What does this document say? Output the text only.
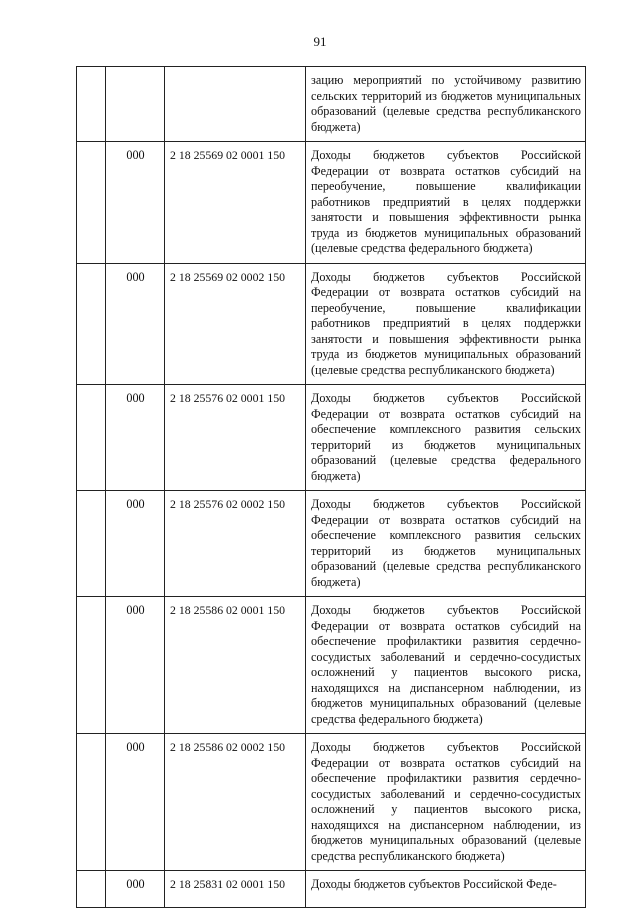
91
			зацию мероприятий по устойчивому развитию сельских территорий из бюджетов муниципальных образований (целевые средства республиканского бюджета)
	000	2 18 25569 02 0001 150	Доходы бюджетов субъектов Российской Федерации от возврата остатков субсидий на переобучение, повышение квалификации работников предприятий в целях поддержки занятости и повышения эффективности рынка труда из бюджетов муниципальных образований (целевые средства федерального бюджета)
	000	2 18 25569 02 0002 150	Доходы бюджетов субъектов Российской Федерации от возврата остатков субсидий на переобучение, повышение квалификации работников предприятий в целях поддержки занятости и повышения эффективности рынка труда из бюджетов муниципальных образований (целевые средства республиканского бюджета)
	000	2 18 25576 02 0001 150	Доходы бюджетов субъектов Российской Федерации от возврата остатков субсидий на обеспечение комплексного развития сельских территорий из бюджетов муниципальных образований (целевые средства федерального бюджета)
	000	2 18 25576 02 0002 150	Доходы бюджетов субъектов Российской Федерации от возврата остатков субсидий на обеспечение комплексного развития сельских территорий из бюджетов муниципальных образований (целевые средства республиканского бюджета)
	000	2 18 25586 02 0001 150	Доходы бюджетов субъектов Российской Федерации от возврата остатков субсидий на обеспечение профилактики развития сердечно-сосудистых заболеваний и сердечно-сосудистых осложнений у пациентов высокого риска, находящихся на диспансерном наблюдении, из бюджетов муниципальных образований (целевые средства федерального бюджета)
	000	2 18 25586 02 0002 150	Доходы бюджетов субъектов Российской Федерации от возврата остатков субсидий на обеспечение профилактики развития сердечно-сосудистых заболеваний и сердечно-сосудистых осложнений у пациентов высокого риска, находящихся на диспансерном наблюдении, из бюджетов муниципальных образований (целевые средства республиканского бюджета)
	000	2 18 25831 02 0001 150	Доходы бюджетов субъектов Российской Феде-
